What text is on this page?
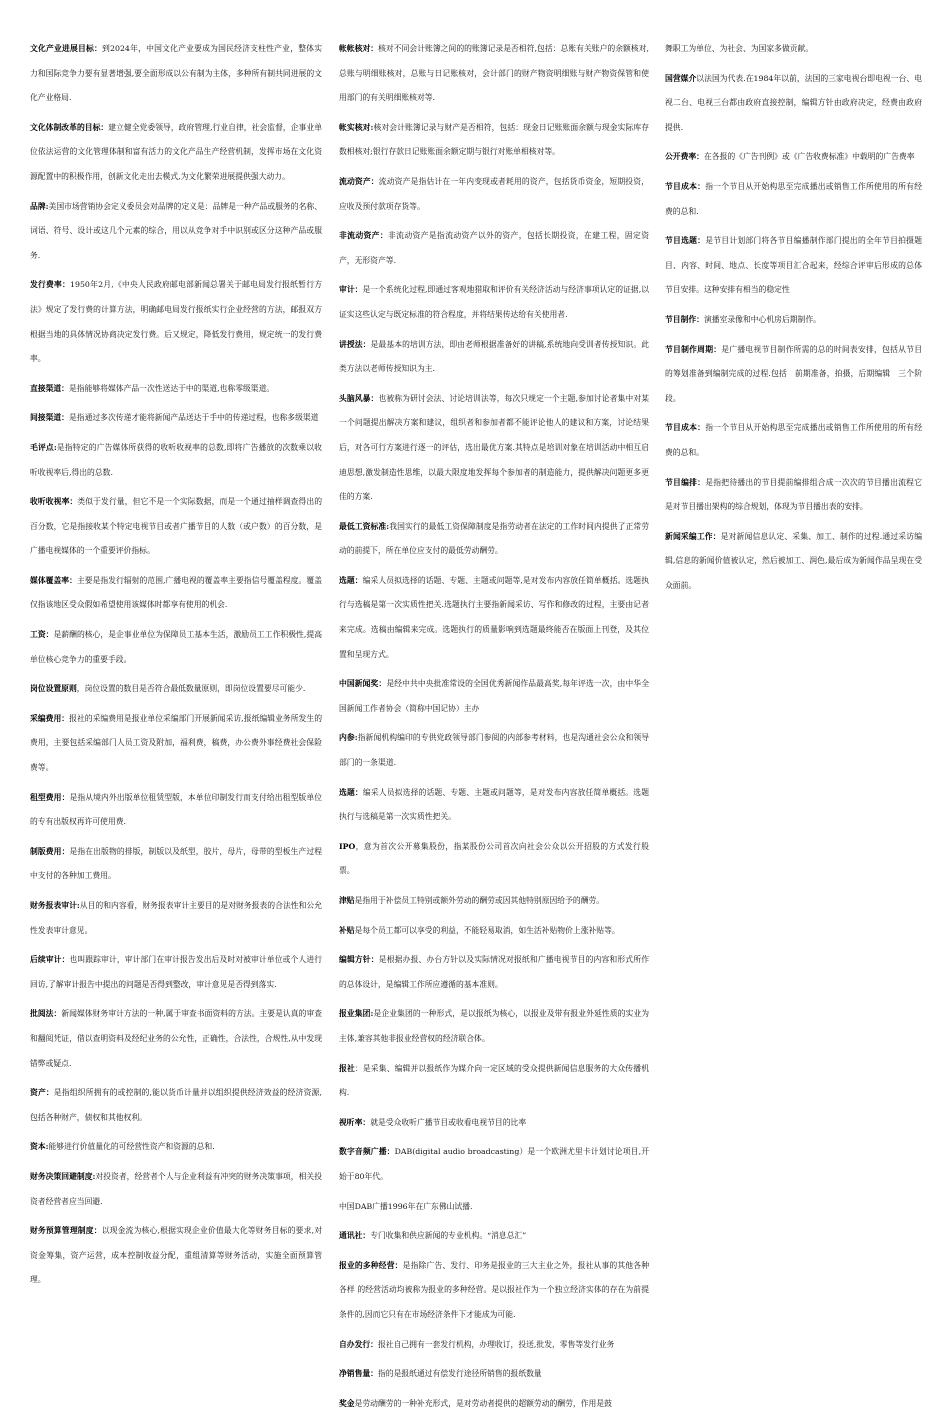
文化产业进展目标：到2024年，中国文化产业要成为国民经济支柱性产业，整体实力和国际竞争力要有显著增强,要全面形成以公有制为主体，多种所有制共同进展的文化产业格局.

文化体制改革的目标：建立健全党委领导，政府管理,行业自律，社会监督，企事业单位依法运营的文化管理体制和富有活力的文化产品生产经营机制，发挥市场在文化资源配置中的积极作用，创新文化走出去模式,为文化繁荣进展提供强大动力。

品牌:美国市场营销协会定义委员会对品牌的定义是：品牌是一种产品或服务的名称、词语、符号、设计或这几个元素的综合，用以从竞争对手中识别或区分这种产品或服务.

发行费率：1950年2月,《中央人民政府邮电部新闻总署关于邮电局发行报纸暂行方法》规定了发行费的计算方法，明确邮电局发行报纸实行企业经营的方法，邮报双方根据当地的具体情况协商决定发行费。后又规定，降低发行费用，规定统一的发行费率。

直接渠道：是指能够将媒体产品一次性送达于中的渠道,也称零级渠道。

间接渠道：是指通过多次传递才能将新闻产品送达于手中的传递过程，也称多级渠道

毛评点:是指特定的广告媒体所获得的收听收视率的总数,即将广告播放的次数乘以收听收视率后,得出的总数.

收听收视率：类似于发行量，但它不是一个实际数据，而是一个通过抽样调查得出的百分数，它是指接收某个特定电视节目或者广播节目的人数（或户数）的百分数，是广播电视媒体的一个重要评价指标。

媒体覆盖率：主要是指发行辐射的范围,广播电视的覆盖率主要指信号覆盖程度。覆盖仅指该地区受众假如希望使用该媒体时都享有使用的机会.

工资：是薪酬的核心，是企事业单位为保障员工基本生活，激励员工工作积极性,提高单位核心竞争力的重要手段。

岗位设置原则，岗位设置的数目是否符合最低数量原则，即岗位设置要尽可能少.

采编费用：报社的采编费用是报业单位采编部门开展新闻采访,报纸编辑业务所发生的费用，主要包括采编部门人员工资及附加，福利费，稿费，办公费外事经费社会保险费等。

租型费用：是指从境内外出版单位租赁型版，本单位印制发行而支付给出租型版单位的专有出版权再许可使用费.

制版费用：是指在出版物的排版，制版以及纸型，胶片，母片，母带的型板生产过程中支付的各种加工费用。

财务报表审计:从目的和内容看，财务报表审计主要目的是对财务报表的合法性和公允性发表审计意见。

后续审计：也叫跟踪审计，审计部门在审计报告发出后及时对被审计单位或个人进行回访,了解审计报告中提出的问题是否得到整改，审计意见是否得到落实.

批阅法：新闻媒体财务审计方法的一种,属于审查书面资料的方法。主要是认真的审查和翻阅凭证，借以查明资料及经纪业务的公允性，正确性，合法性，合规性,从中发现错弊或疑点.

资产：是指组织所拥有的或控制的,能以货币计量并以组织提供经济效益的经济资源,包括各种财产，债权和其他权利。

资本:能够进行价值量化的可经营性资产和资源的总和.

财务决策回避制度:对投资者，经营者个人与企业利益有冲突的财务决策事项，相关投资者经营者应当回避.

财务预算管理制度：以现金流为核心,根据实现企业价值最大化等财务目标的要求,对资金筹集，资产运营，成本控制收益分配，重组清算等财务活动，实施全面预算管理。

帐帐核对：核对不同会计账簿之间的的账簿记录是否相符,包括：总账有关账户的余额核对,总账与明细账核对，总账与日记账核对，会计部门的财产物资明细账与财产物资保管和使用部门的有关明细账核对等.

帐实核对:核对会计账簿记录与财产是否相符，包括：现金日记账账面余额与现金实际库存数相核对;银行存款日记账账面余额定期与银行对账单相核对等。

流动资产：流动资产是指估计在一年内变现或者耗用的资产，包括货币资金，短期投资，应收及预付款项存货等。

非流动资产：非流动资产是指流动资产以外的资产，包括长期投资，在建工程，固定资产，无形资产等.

审计：是一个系统化过程,即通过客观地猎取和评价有关经济活动与经济事项认定的证据,以证实这些认定与既定标准的符合程度，并将结果传达给有关使用者.

讲授法：是最基本的培训方法，即由老师根据准备好的讲稿,系统地向受训者传授知识。此类方法以老师传授知识为主.

头脑风暴：也被称为研讨会法、讨论培训法等，每次只规定一个主题,参加讨论者集中对某一个问题提出解决方案和建议，组织者和参加者都不能评论他人的建议和方案，讨论结果后，对各可行方案进行逐一的评估，选出最优方案.其特点是培训对象在培训活动中相互启迪思想,激发制造性思维，以最大限度地发挥每个参加者的制造能力，提供解决问题更多更佳的方案.

最低工资标准:我国实行的最低工资保障制度是指劳动者在法定的工作时间内提供了正常劳动的前提下，所在单位应支付的最低劳动酬劳。

选题：编采人员拟选择的话题、专题、主题或问题等,是对发布内容放任简单概括。选题执行与选稿是第一次实质性把关.选题执行主要指新闻采访、写作和修改的过程，主要由记者来完成。选稿由编辑来完成。选题执行的质量影响到选题最终能否在版面上刊登，及其位置和呈现方式。

中国新闻奖：是经中共中央批准常设的全国优秀新闻作品最高奖,每年评选一次，由中华全国新闻工作者协会（简称中国记协）主办

内参:指新闻机构编印的专供党政领导部门参阅的内部参考材料，也是沟通社会公众和领导部门的一条渠道.

选题：编采人员拟选择的话题、专题、主题或问题等，是对发布内容放任简单概括。选题执行与选稿是第一次实质性把关。

IPO，意为首次公开募集股份，指某股份公司首次向社会公众以公开招股的方式发行股票。

津贴是指用于补偿员工特别或额外劳动的酬劳或因其他特别原因给予的酬劳。

补贴是每个员工都可以享受的利益，不能轻易取消，如生活补贴物价上涨补贴等。

编辑方针：是根据办报、办台方针以及实际情况对报纸和广播电视节目的内容和形式所作的总体设计，是编辑工作所应遵循的基本准则。

报业集团:是企业集团的一种形式，是以报纸为核心，以报业及带有报业外延性质的实业为主体,兼容其他非报业经营权的经济联合体。

报社：是采集、编辑并以报纸作为媒介向一定区域的受众提供新闻信息服务的大众传播机构.

视听率：就是受众收听广播节目或收看电视节目的比率

数字音频广播：DAB(digital audio broadcasting）是一个欧洲尤里卡计划讨论项目,开始于80年代。

中国DAB广播1996年在广东佛山试播.

通讯社：专门收集和供应新闻的专业机构。“消息总汇”

报业的多种经营：是指除广告、发行、印务是报业的三大主业之外，报社从事的其他各种各样 的经营活动均被称为报业的多种经营。是以报社作为一个独立经济实体的存在为前提条件的,因而它只有在市场经济条件下才能成为可能.

自办发行：报社自己拥有一套发行机构，办理收订，投送,批发，零售等发行业务

净销售量：指的是报纸通过有偿发行途径所销售的报纸数量

奖金是劳动酬劳的一种补充形式，是对劳动者提供的超额劳动的酬劳，作用是鼓

舞职工为单位、为社会、为国家多做贡献。

国营媒介以法国为代表.在1984年以前，法国的三家电视台即电视一台、电视二台、电视三台都由政府直接控制，编辑方针由政府决定，经费由政府提供.

公开费率：在各报的《广告刊例》或《广告收费标准》中载明的广告费率

节目成本：指一个节目从开始构思至完成播出或销售工作所使用的所有经费的总和.

节目选题：是节目计划部门将各节目编播制作部门提出的全年节目拍摄题目、内容、时间、地点、长度等项目汇合起来，经综合评审后形成的总体节目安排。这种安排有相当的稳定性

节目制作：演播室录像和中心机房后期制作。

节目制作周期：是广播电视节目制作所需的总的时间表安排，包括从节目的筹划准备到编制完成的过程.包括　前期准备，拍摄，后期编辑　三个阶段。

节目成本：指一个节目从开始构思至完成播出或销售工作所使用的所有经费的总和。

节目编排：是指把待播出的节目提前编排组合成一次次的节目播出流程它是对节目播出架构的综合规划，体现为节目播出表的安排。

新闻采编工作：是对新闻信息认定、采集、加工、制作的过程.通过采访编辑,信息的新闻价值被认定，然后被加工、润色,最后成为新闻作品呈现在受众面前。
